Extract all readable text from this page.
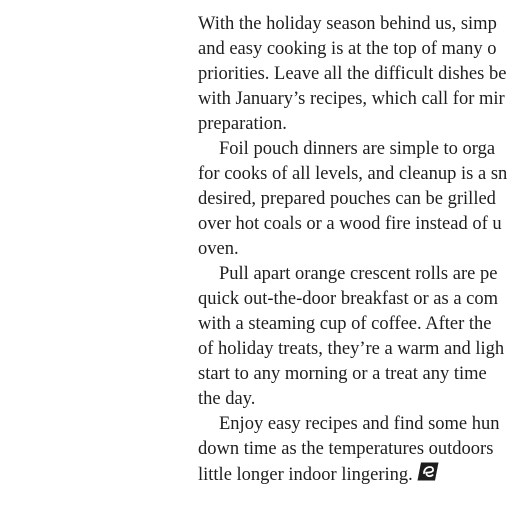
With the holiday season behind us, simp
and easy cooking is at the top of many o
priorities. Leave all the difficult dishes be
with January’s recipes, which call for mir
preparation.
Foil pouch dinners are simple to orga
for cooks of all levels, and cleanup is a sn
desired, prepared pouches can be grilled
over hot coals or a wood fire instead of u
oven.
Pull apart orange crescent rolls are pe
quick out-the-door breakfast or as a com
with a steaming cup of coffee. After the
of holiday treats, they’re a warm and ligh
start to any morning or a treat any time
the day.
Enjoy easy recipes and find some hun
down time as the temperatures outdoors
little longer indoor lingering.
